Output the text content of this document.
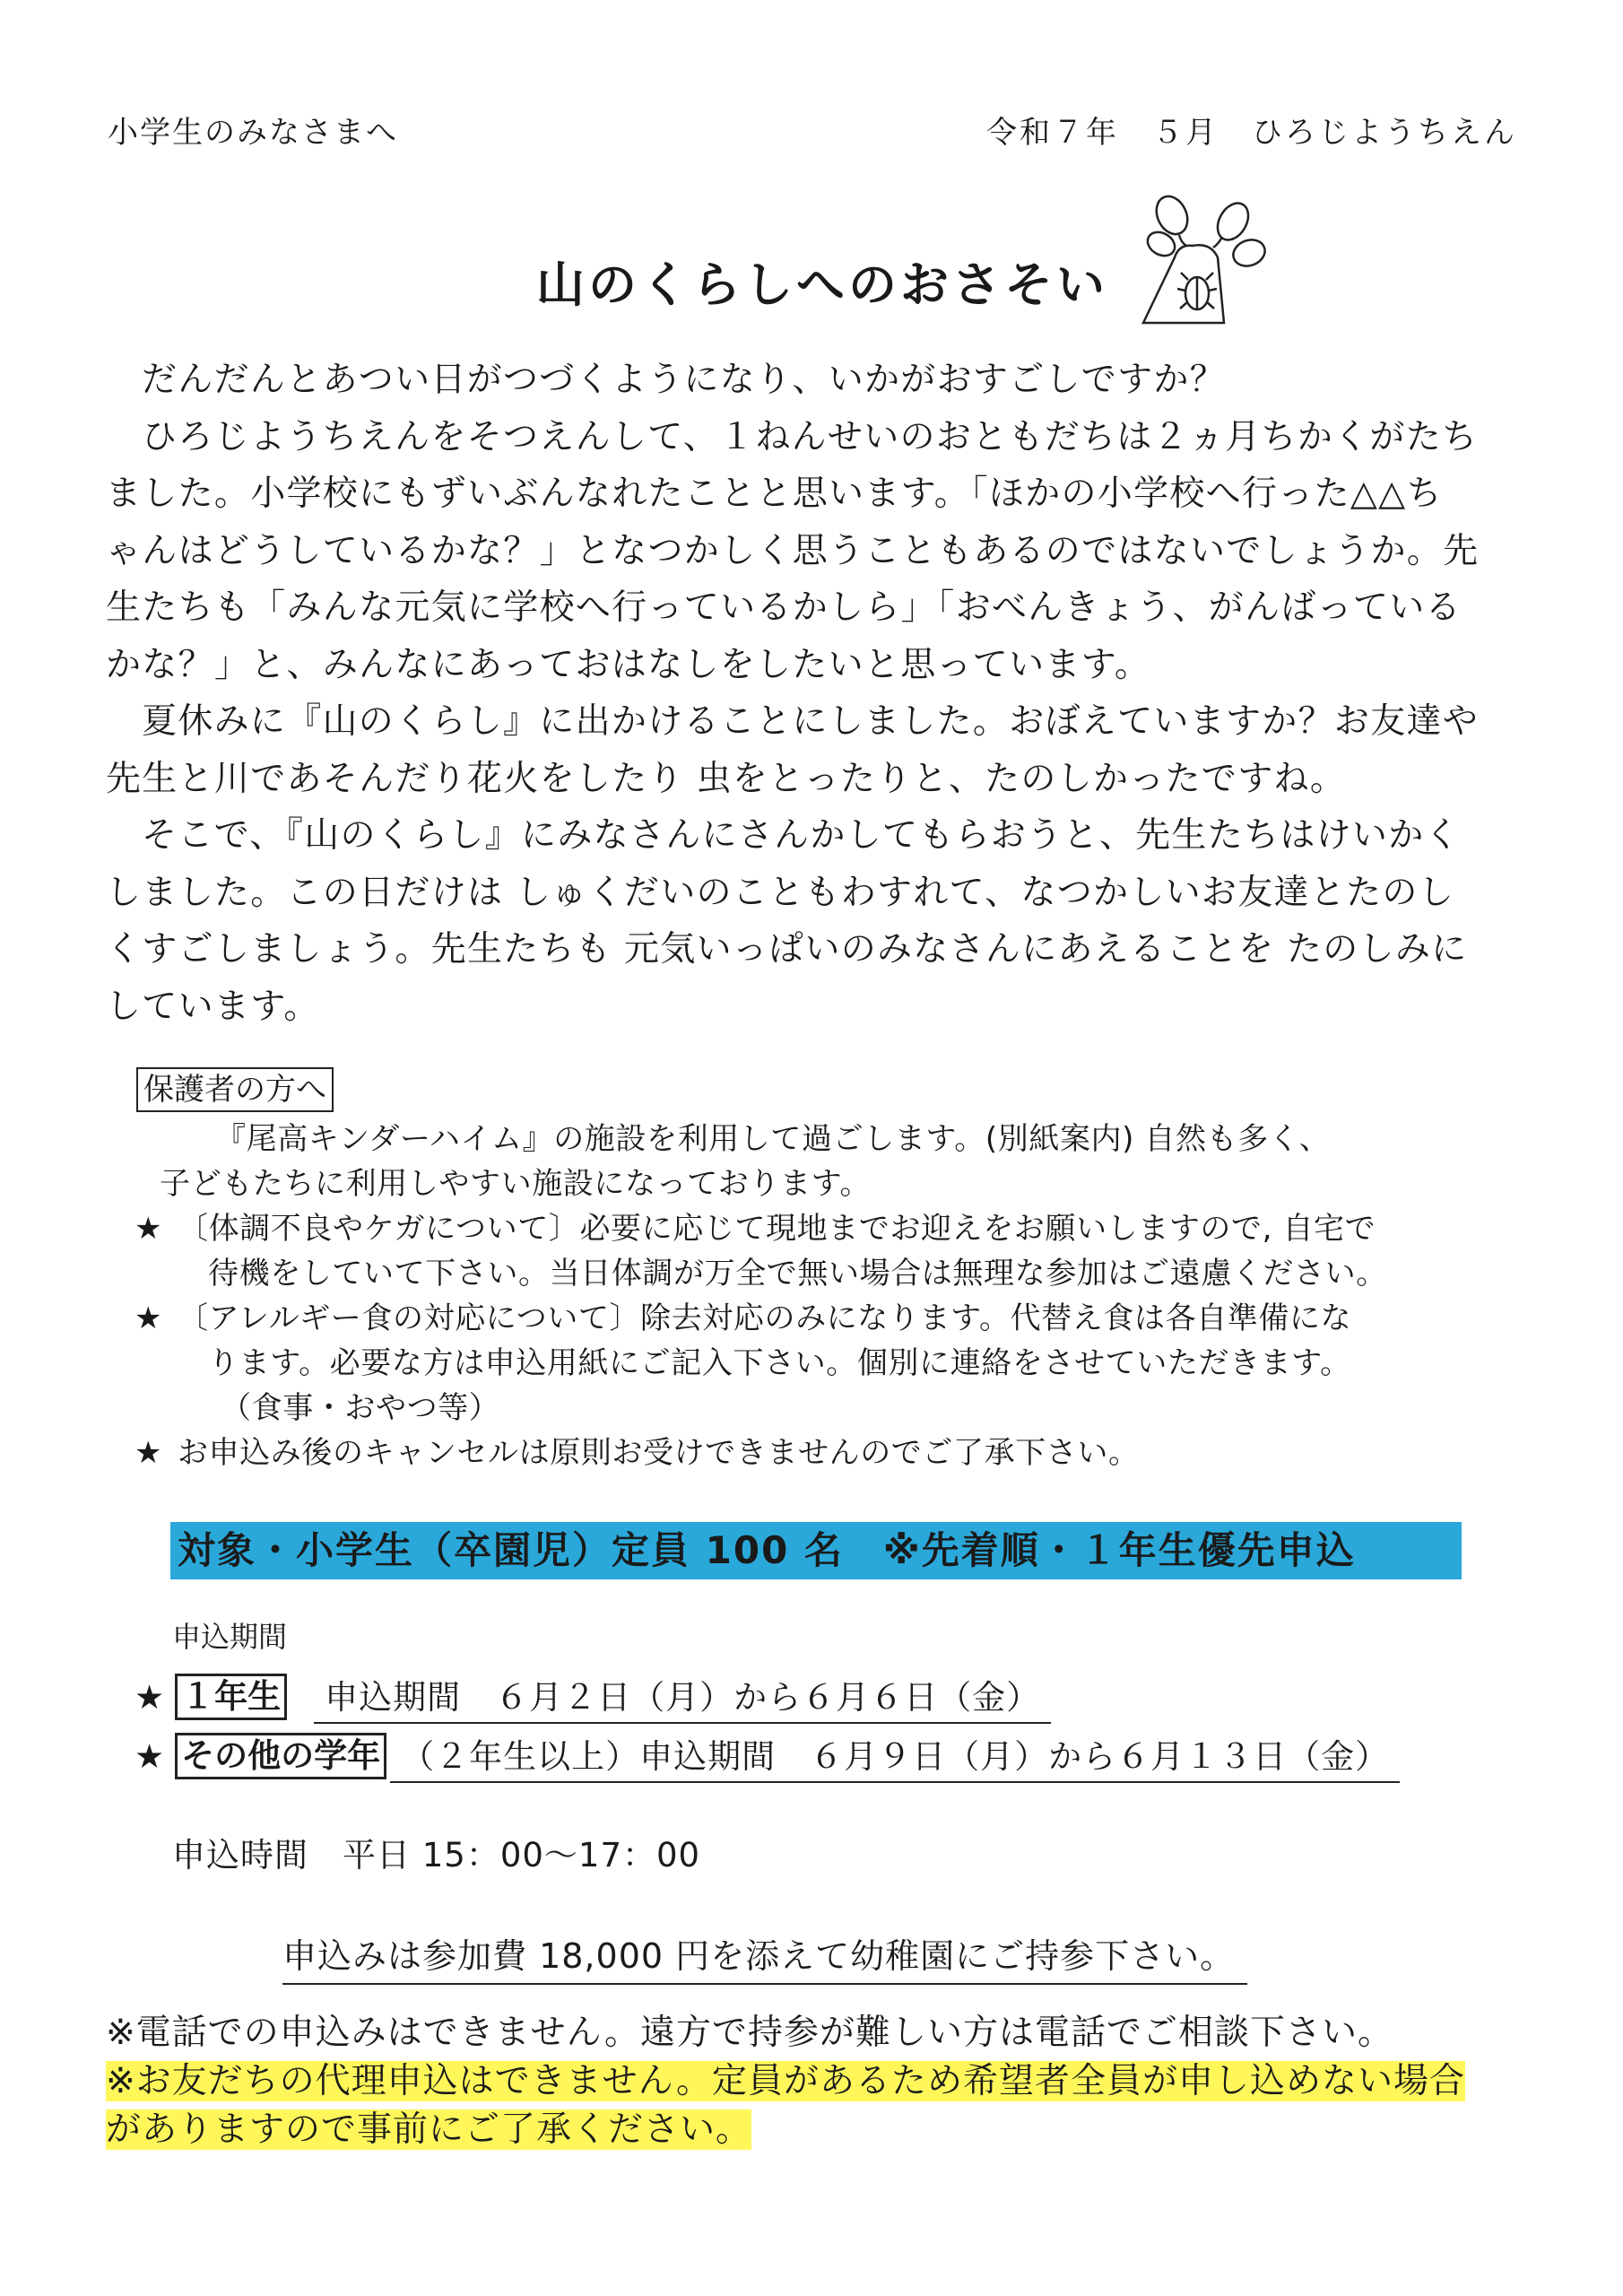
小学生のみなさまへ	令和７年　５月　ひろじようちえん
山のくらしへのおさそい

だんだんとあつい日がつづくようになり、いかがおすごしですか？

ひろじようちえんをそつえんして、１ねんせいのおともだちは２ヵ月ちかくがたち

ました。小学校にもずいぶんなれたことと思います。「ほかの小学校へ行った△△ち

ゃんはどうしているかな？」となつかしく思うこともあるのではないでしょうか。先

生たちも「みんな元気に学校へ行っているかしら」「おべんきょう、がんばっている

かな？」と、みんなにあっておはなしをしたいと思っています。

夏休みに『山のくらし』に出かけることにしました。おぼえていますか？お友達や

先生と川であそんだり花火をしたり 虫をとったりと、たのしかったですね。

そこで、『山のくらし』にみなさんにさんかしてもらおうと、先生たちはけいかく

しました。この日だけは しゅくだいのこともわすれて、なつかしいお友達とたのし

くすごしましょう。先生たちも 元気いっぱいのみなさんにあえることを たのしみに

しています。

保護者の方へ
『尾高キンダーハイム』の施設を利用して過ごします。(別紙案内) 自然も多く、
子どもたちに利用しやすい施設になっております。
★ 〔体調不良やケガについて〕必要に応じて現地までお迎えをお願いしますので, 自宅で
待機をしていて下さい。当日体調が万全で無い場合は無理な参加はご遠慮ください。
★ 〔アレルギー食の対応について〕除去対応のみになります。代替え食は各自準備にな
ります。必要な方は申込用紙にご記入下さい。個別に連絡をさせていただきます。
（食事・おやつ等）
★ お申込み後のキャンセルは原則お受けできませんのでご了承下さい。
対象・小学生（卒園児）定員 100 名　※先着順・１年生優先申込
申込期間
★ １年生	申込期間　６月２日（月）から６月６日（金）
★ その他の学年 （２年生以上）申込期間　６月９日（月）から６月１３日（金）
申込時間　平日 15：00〜17：00
申込みは参加費 18,000 円を添えて幼稚園にご持参下さい。
※電話での申込みはできません。遠方で持参が難しい方は電話でご相談下さい。
※お友だちの代理申込はできません。定員があるため希望者全員が申し込めない場合
がありますので事前にご了承ください。
